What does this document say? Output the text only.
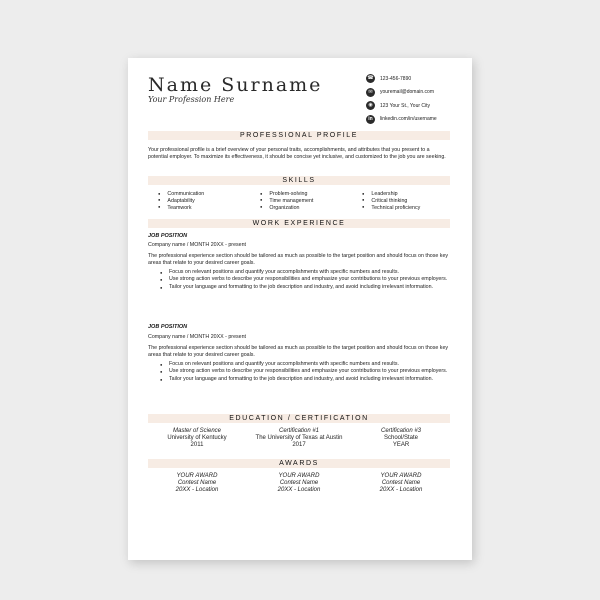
Name Surname
Your Profession Here
☎ 123-456-7890
✉	youremail@domain.com
◉	123 Your St., Your City
in	linkedin.com/in/username
PROFESSIONAL PROFILE
Your professional profile is a brief overview of your personal traits, accomplishments, and attributes that you present to a potential employer. To maximize its effectiveness, it should be concise yet inclusive, and customized to the job you are seeking.
SKILLS
● Communication
● Adaptability
● Teamwork
● Problem-solving
● Time management
● Organization
● Leadership
● Critical thinking
● Technical proficiency
WORK EXPERIENCE
JOB POSITION
Company name / MONTH 20XX - present
The professional experience section should be tailored as much as possible to the target position and should focus on those key areas that relate to your desired career goals.
● Focus on relevant positions and quantify your accomplishments with specific numbers and results.
● Use strong action verbs to describe your responsibilities and emphasize your contributions to your previous employers.
● Tailor your language and formatting to the job description and industry, and avoid including irrelevant information.
JOB POSITION
Company name / MONTH 20XX - present
The professional experience section should be tailored as much as possible to the target position and should focus on those key areas that relate to your desired career goals.
● Focus on relevant positions and quantify your accomplishments with specific numbers and results.
● Use strong action verbs to describe your responsibilities and emphasize your contributions to your previous employers.
● Tailor your language and formatting to the job description and industry, and avoid including irrelevant information.
EDUCATION / CERTIFICATION
Master of Science
University of Kentucky
2011
Certification #1
The University of Texas at Austin
2017
Certification #3
School/State
YEAR
AWARDS
YOUR AWARD
Contest Name
20XX - Location
YOUR AWARD
Contest Name
20XX - Location
YOUR AWARD
Contest Name
20XX - Location
